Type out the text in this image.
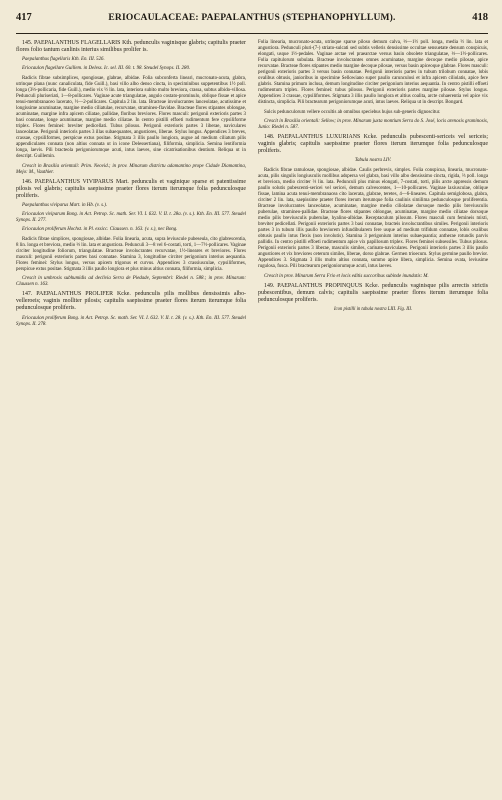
417	ERIOCAULACEAE: PAEPALANTHUS (STEPHANOPHYLLUM).	418

145. PAEPALANTHUS FLAGELLARIS Kth. pedunculis vaginisque glabris; capitulis praeter flores folio tantum canlinis interius similibus prolifer is.

Paepalanthus flagellaris Kth. En. III. 526.

Eriocaulon flagellare Guillem. in Deless. Ic. sel. III. 60. t. 98. Steudel Synops. II. 280.

Radicis fibrae subsimplices, spongiosae, glabrae, albidae. Folia subconferta lineari, mucronato-acuta, glabra, utrinque plana (nunc canaliculata, fide Guill.), basi villo albo denso cincta, in speciminibus suppetentibus 1½ poll. longa (3⅓-pollicaria, fide Guill.), medio vix ½ lin. lata, interiora subito multo breviora, crassa, subtus albido-villosa. Pedunculi pluriseriati, 1—8-pollicares. Vaginae acute triangulatae, angulo costato-prominulo, oblique fissae et apice tenui-membranaceo lacerato, ½—2-pollicares. Capitula 2 lin. lata. Bracteae involucrantes lanceolatae, acutissime et longissime acuminatae, margine medio ciliatulae, recurvatae, stramineo-flavidae. Bracteae flores stipantes oblongae, acuminatae, margine infra apicem ciliatae, pallidae, floribus breviores. Flores masculi: perigonii exterioris partes 3 basi connatae, longe acuminatae, margine medio ciliatae. In centro pistilli effoeti rudimentum fere cypsiliforme triplex. Flores feminei: breviter pedicellati. Tubus pilosus. Perigonii exterioris partes 3 liberae, naviculares lanceolatae. Perigonii interioris partes 3 illas subaequantes, angustiores, liberae. Stylus longus. Appendices 3 breves, crassae, cypsiliformes, perspicue extus positae. Stigmata 3 illis paullo longiora, augue ad medium ciliatum pilis appendiculares connata (non altius connata ut in icone Delessertiana), filiformia, simplicia. Semina lentiformia longa, laevis. Pili bracteola perigoniorumque acuti, intus laeves, sine cicatrisationibus dentium. Reliqua ut in descript. Guillemin.

Crescit in Brasilia orientali: Prim. Neovid.; in prov. Minarum districtu adamantino prope Cidade Diamantina, Mejo: M., Vauthier.

146. PAEPALANTHUS VIVIPARUS Mart. pedunculis et vaginique sparse et patentissime pilosis vel glabris; capitulis saepissime praeter flores iterum iterumque folia pedunculosque proliferis.

Paepalanthus viviparus Mart. in Hb. (v. s.).

Eriocaulon viviparum Bong. in Act. Petrop. Sc. math. Ser. VI. I. 632. V. II. t. 28a. (v. s.). Kth. En. III. 577. Steudel Synops. II. 277.

Eriocaulon proliferum Hochst. in Pl. exsicc. Claussen. n. 163. (v. s.), nec Bong.

Radicis fibrae simplices, spongiosae, albidae. Folia linearia, acuta, supra leviuscule pubeseula, cito glabrescentia, 8 lin. longa et breviora, medio ⅓ lin. lata et angustiora. Pedunculi 3—8 vel 6-costati, torti, 1—7½-pollicares. Vaginae circiter longitudine foliorum, triangulatae. Bracteae involucrantes recurvatae, 1½-lineares et breviores. Flores masculi: perigonii exterioris partes basi connatae. Stamina 3, longitudine circiter perigonium interius aequantia. Flores feminei: Stylus longus, versus apicem trigonus et curvus. Appendices 3 crassiusculae, cypsiliformes, perspicue extus positae. Stigmata 3 illis paullo longiora et plus minus altius connata, filiformia, simplicia.

Crescit in umbrosis subhumidis ad declivia Serra de Piedade, Septembri: Riedel n. 588.; in prov. Minarum: Claussen n. 163.

147. PAEPALANTHUS PROLIFER Kcke. pedunculis pilis mollibus densissimis albo-velleroeis; vaginis molliter pilosis; capitulis saepissime praeter flores iterum iterumque folia pedunculosque proliferis.

Eriocaulon proliferum Bong. in Act. Petrop. Sc. math. Ser. VI. I. 632. V. II. t. 28. (v. s.). Kth. En. III. 577. Steudel Synops. II. 278.

Folia linearia, mucronato-acuta, utrinque sparse piloso demum calva, ⅓—1½ poll. longa, media ½ lin. lata et angustiora. Pedunculi pluri-(7-) striato-sulcati sed subtis velleris densissime occultae sensuetate densum conspicuis, elongati, usque 1½-pedales. Vaginae arctae vel praearctae versus basin obsolete triangulatae, ⅓—1½-pollicares. Folia capitulorum subulata. Bracteae involucrantes omnes acuminatae, margine decoque medio pilosae, apice recurvatae. Bracteae flores stipantes medio margine decoque pilosae, versus basin apiceoque glabrae. Flores masculi: perigonii exterioris partes 3 versus basin connatae. Perigonii interioris partes in tubum trilobum connatae, lobis ovalibus obtusis, janioribus in specimine Sellowiano super paullo carunculosi et infra apicem ciliolatis, apice fere glabris. Stamina primum inclusa, demum longitudine circiter perigonium interius aequantia. In centro pistilli effoeti rudimentum triplex. Flores feminei: tubus pilosus. Perigonii exterioris partes margine pilosae. Stylus longus. Appendices 3 crassae, cypsiliformes. Stigmata 3 illis paullo longiora et altius coalita, arcte cohaerentia vel apice vix distincta, simplicia. Pili bractearum perigoniorumque acuti, intus laeves. Reliqua ut in descript. Bongard.

Sulcis pedunculorum vellere occultis ab omnibus speciebus hujus sub-generis dignoscitur.

Crescit in Brasilia orientali: Sellow; in prov. Minarum juxta montium Serra do S. José, locis arenosis graminosis, Junio: Riedel n. 587.

148. PAEPALANTHUS LUXURIANS Kcke. pedunculis pubescenti-sericeis vel sericeis; vaginis glabris; capitulis saepissime praeter flores iterum iterumque folia pedunculosque proliferis.

Tabula nostra LIV.

Radicis fibrae ramulosae, spongiosae, albidae. Caulis perbrevis, simplex. Folia conspicua, linearia, mucronato-acuta, pilis singulis longiusculis mollibus adspersa vel glabra, basi villo albo densissimo cincta, rigida, ⅔ poll. longa et breviora, medio circiter ⅔ lin. lata. Pedunculi plus minus elongati, 7-costati, torti, pilis arcte appressis demum paullo solutis pubescenti-sericei vel sericei, demum calvescentes, 1—10-pollicares. Vaginae laxiusculae, oblique fissae, lamina acuta tenui-membranacea cito lacerata, glabrae, teretes, 4—6-lineares. Capitula semiglobosa, glabra, circiter 2 lin. lata, saepissime praeter flores iterum iterumque folia caulinis similima pedunculosque proliferentia. Bracteae involucrantes lanceolatae, acuminatae, margine medio ciliolatae dorsoque medio pilis breviusculis puberulae, stramineo-pallidae. Bracteae flores stipantes oblongae, acuminatae, margine medio ciliatae dorsoque medio pilis breviusculis puberulae, hyalino-albidae. Receptaculum pilosum. Flores masculi cum femineis mixti, breviter pedicellati. Perigonii exterioris partes 3 basi connatae, bracteis involucrantibus similes. Perigonii interioris partes 3 in tubum illis paullo breviorem infundibularem fere usque ad medium trifidum connatae, lobis ovalibus obtusis paullo intus flexis (non involutis). Stamina 3 perigonium interius subaequantia; antherae rotundis parvis pallidis. In centro pistilli effoeti rudimentum apice vix papillosum triplex. Flores feminei subsessiles. Tubus pilosus. Perigonii exterioris partes 3 liberae, masculis similes, carinato-naviculares. Perigonii interioris partes 3 illis paullo angustiores et vix breviores ceterum similes, liberae, dorso glabrae. Germen trioecum. Stylus germine paullo brevior. Appendices 3. Stigmata 3 illis multo altius connata, summo apice libera, simplicia. Semina ovata, leviusime rugulosa, fusca. Pili bractearum perigoniorumque acuti, intus laeves.

Crescit in prov. Minarum Serra Frio et locis editis succoribus subinde inundatis: M.

149. PAEPALANTHUS PROPINQUUS Kcke. pedunculis vaginisque pilis arrectis strictis pubescentibus, demum calvis; capitulis saepissime praeter flores iterum iterumque folia pedunculosque proliferis.

Icon pistilli in tabula nostra LIII. Fig. III.
